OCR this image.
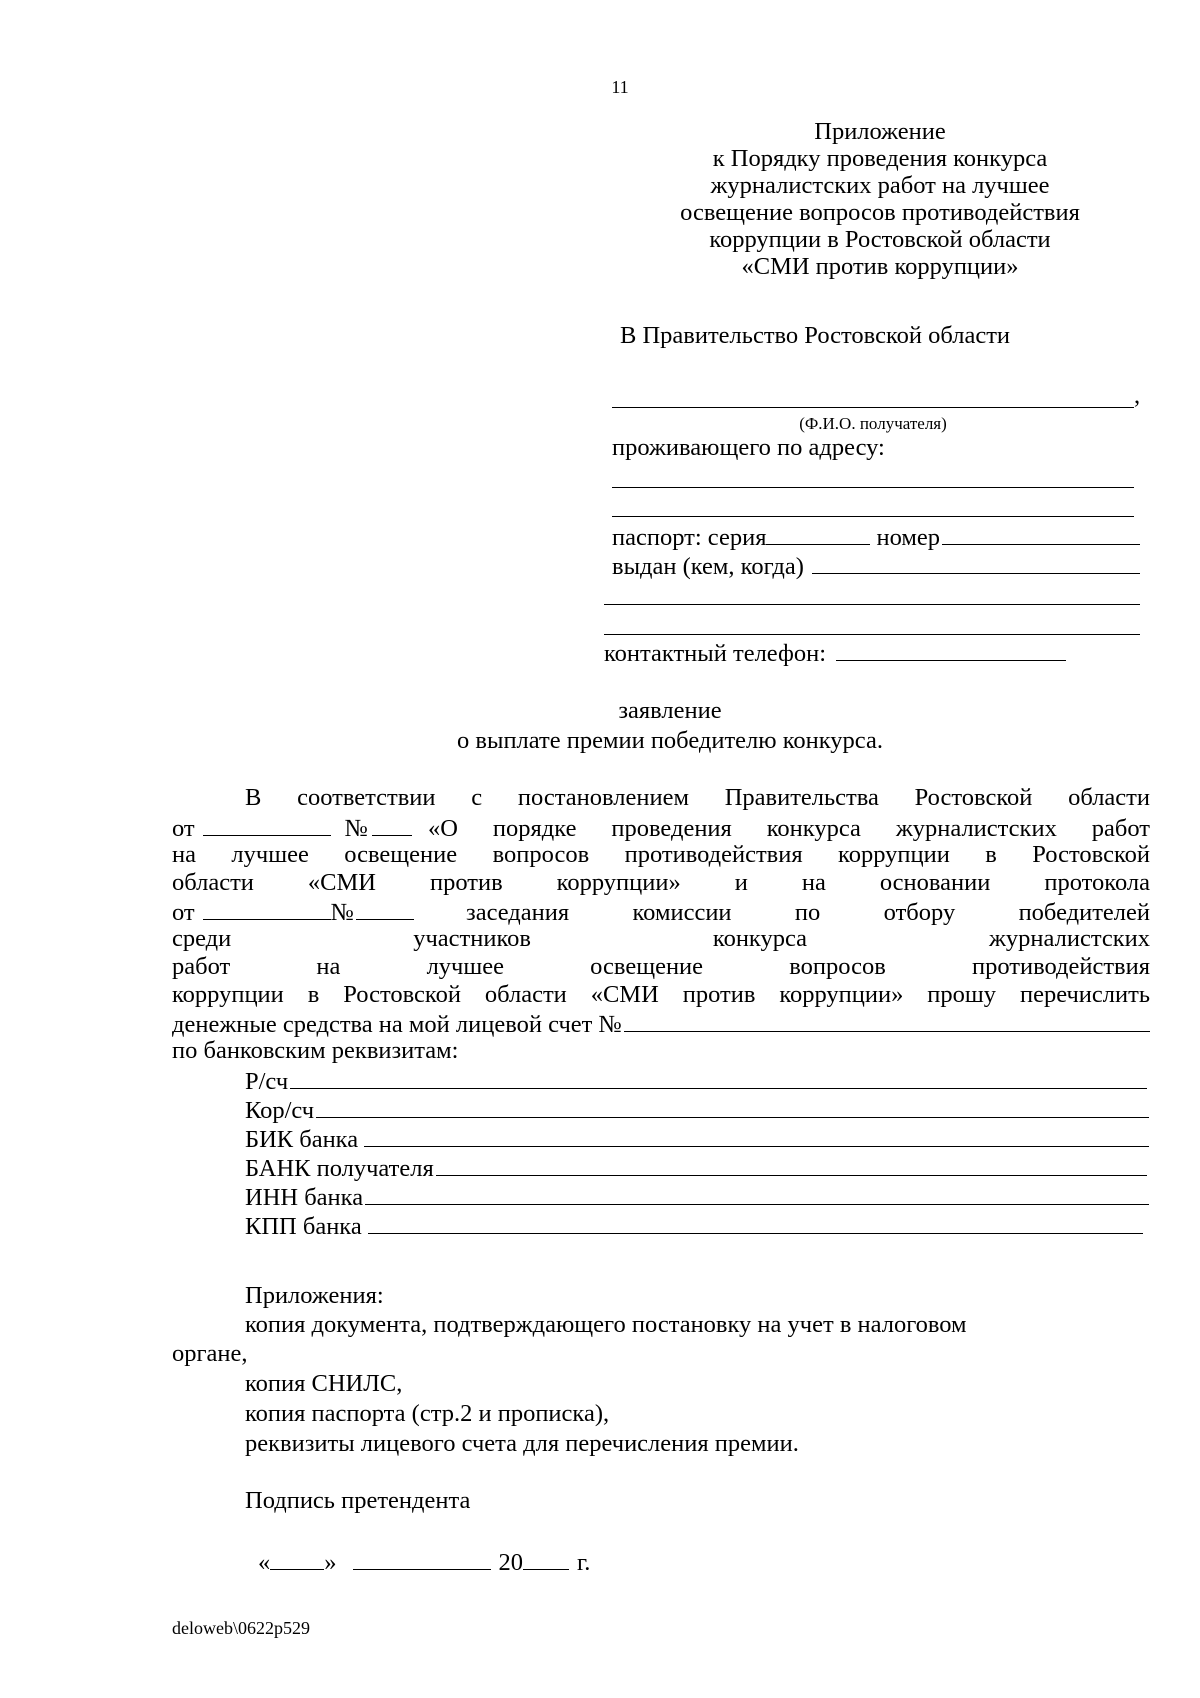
11
Приложение
к Порядку проведения конкурса
журналистских работ на лучшее
освещение вопросов противодействия
коррупции в Ростовской области
«СМИ против коррупции»
В Правительство Ростовской области
,
(Ф.И.О. получателя)
проживающего по адресу:
паспорт: серия	номер
выдан (кем, когда)
контактный телефон:
заявление
о выплате премии победителю конкурса.
В соответствии с постановлением Правительства Ростовской области
от	№ «О порядке проведения конкурса журналистских работ
на лучшее освещение вопросов противодействия коррупции в Ростовской
области «СМИ против коррупции» и на основании протокола
от	№	заседания комиссии по отбору победителей
среди участников конкурса журналистских
работ на лучшее освещение вопросов противодействия
коррупции в Ростовской области «СМИ против коррупции» прошу перечислить
денежные средства на мой лицевой счет №
по банковским реквизитам:
Р/сч
Кор/сч
БИК банка
БАНК получателя
ИНН банка
КПП банка
Приложения:
копия документа, подтверждающего постановку на учет в налоговом
органе,
копия СНИЛС,
копия паспорта (стр.2 и прописка),
реквизиты лицевого счета для перечисления премии.
Подпись претендента
« »	20 г.
deloweb\0622p529
